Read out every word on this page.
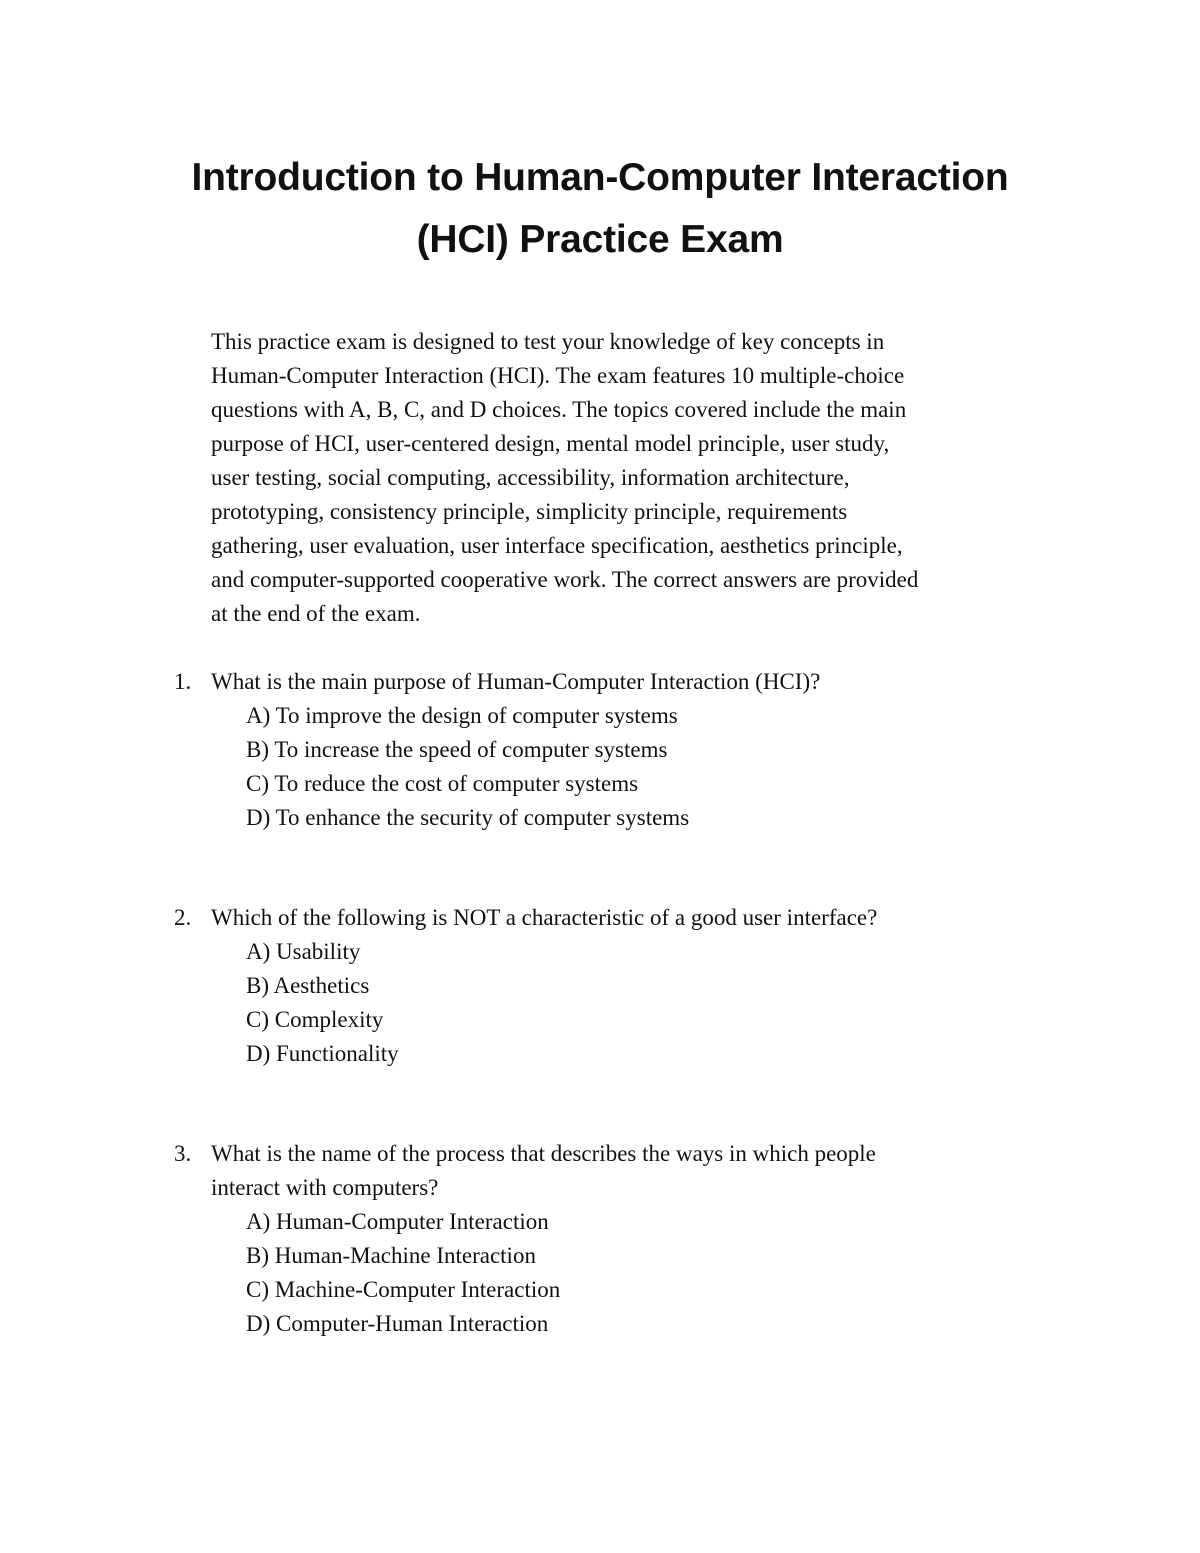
Introduction to Human-Computer Interaction
(HCI) Practice Exam

This practice exam is designed to test your knowledge of key concepts in
Human-Computer Interaction (HCI). The exam features 10 multiple-choice
questions with A, B, C, and D choices. The topics covered include the main
purpose of HCI, user-centered design, mental model principle, user study,
user testing, social computing, accessibility, information architecture,
prototyping, consistency principle, simplicity principle, requirements
gathering, user evaluation, user interface specification, aesthetics principle,
and computer-supported cooperative work. The correct answers are provided
at the end of the exam.

1. What is the main purpose of Human-Computer Interaction (HCI)?
A) To improve the design of computer systems
B) To increase the speed of computer systems
C) To reduce the cost of computer systems
D) To enhance the security of computer systems
2. Which of the following is NOT a characteristic of a good user interface?
A) Usability
B) Aesthetics
C) Complexity
D) Functionality
3. What is the name of the process that describes the ways in which people
interact with computers?
A) Human-Computer Interaction
B) Human-Machine Interaction
C) Machine-Computer Interaction
D) Computer-Human Interaction
